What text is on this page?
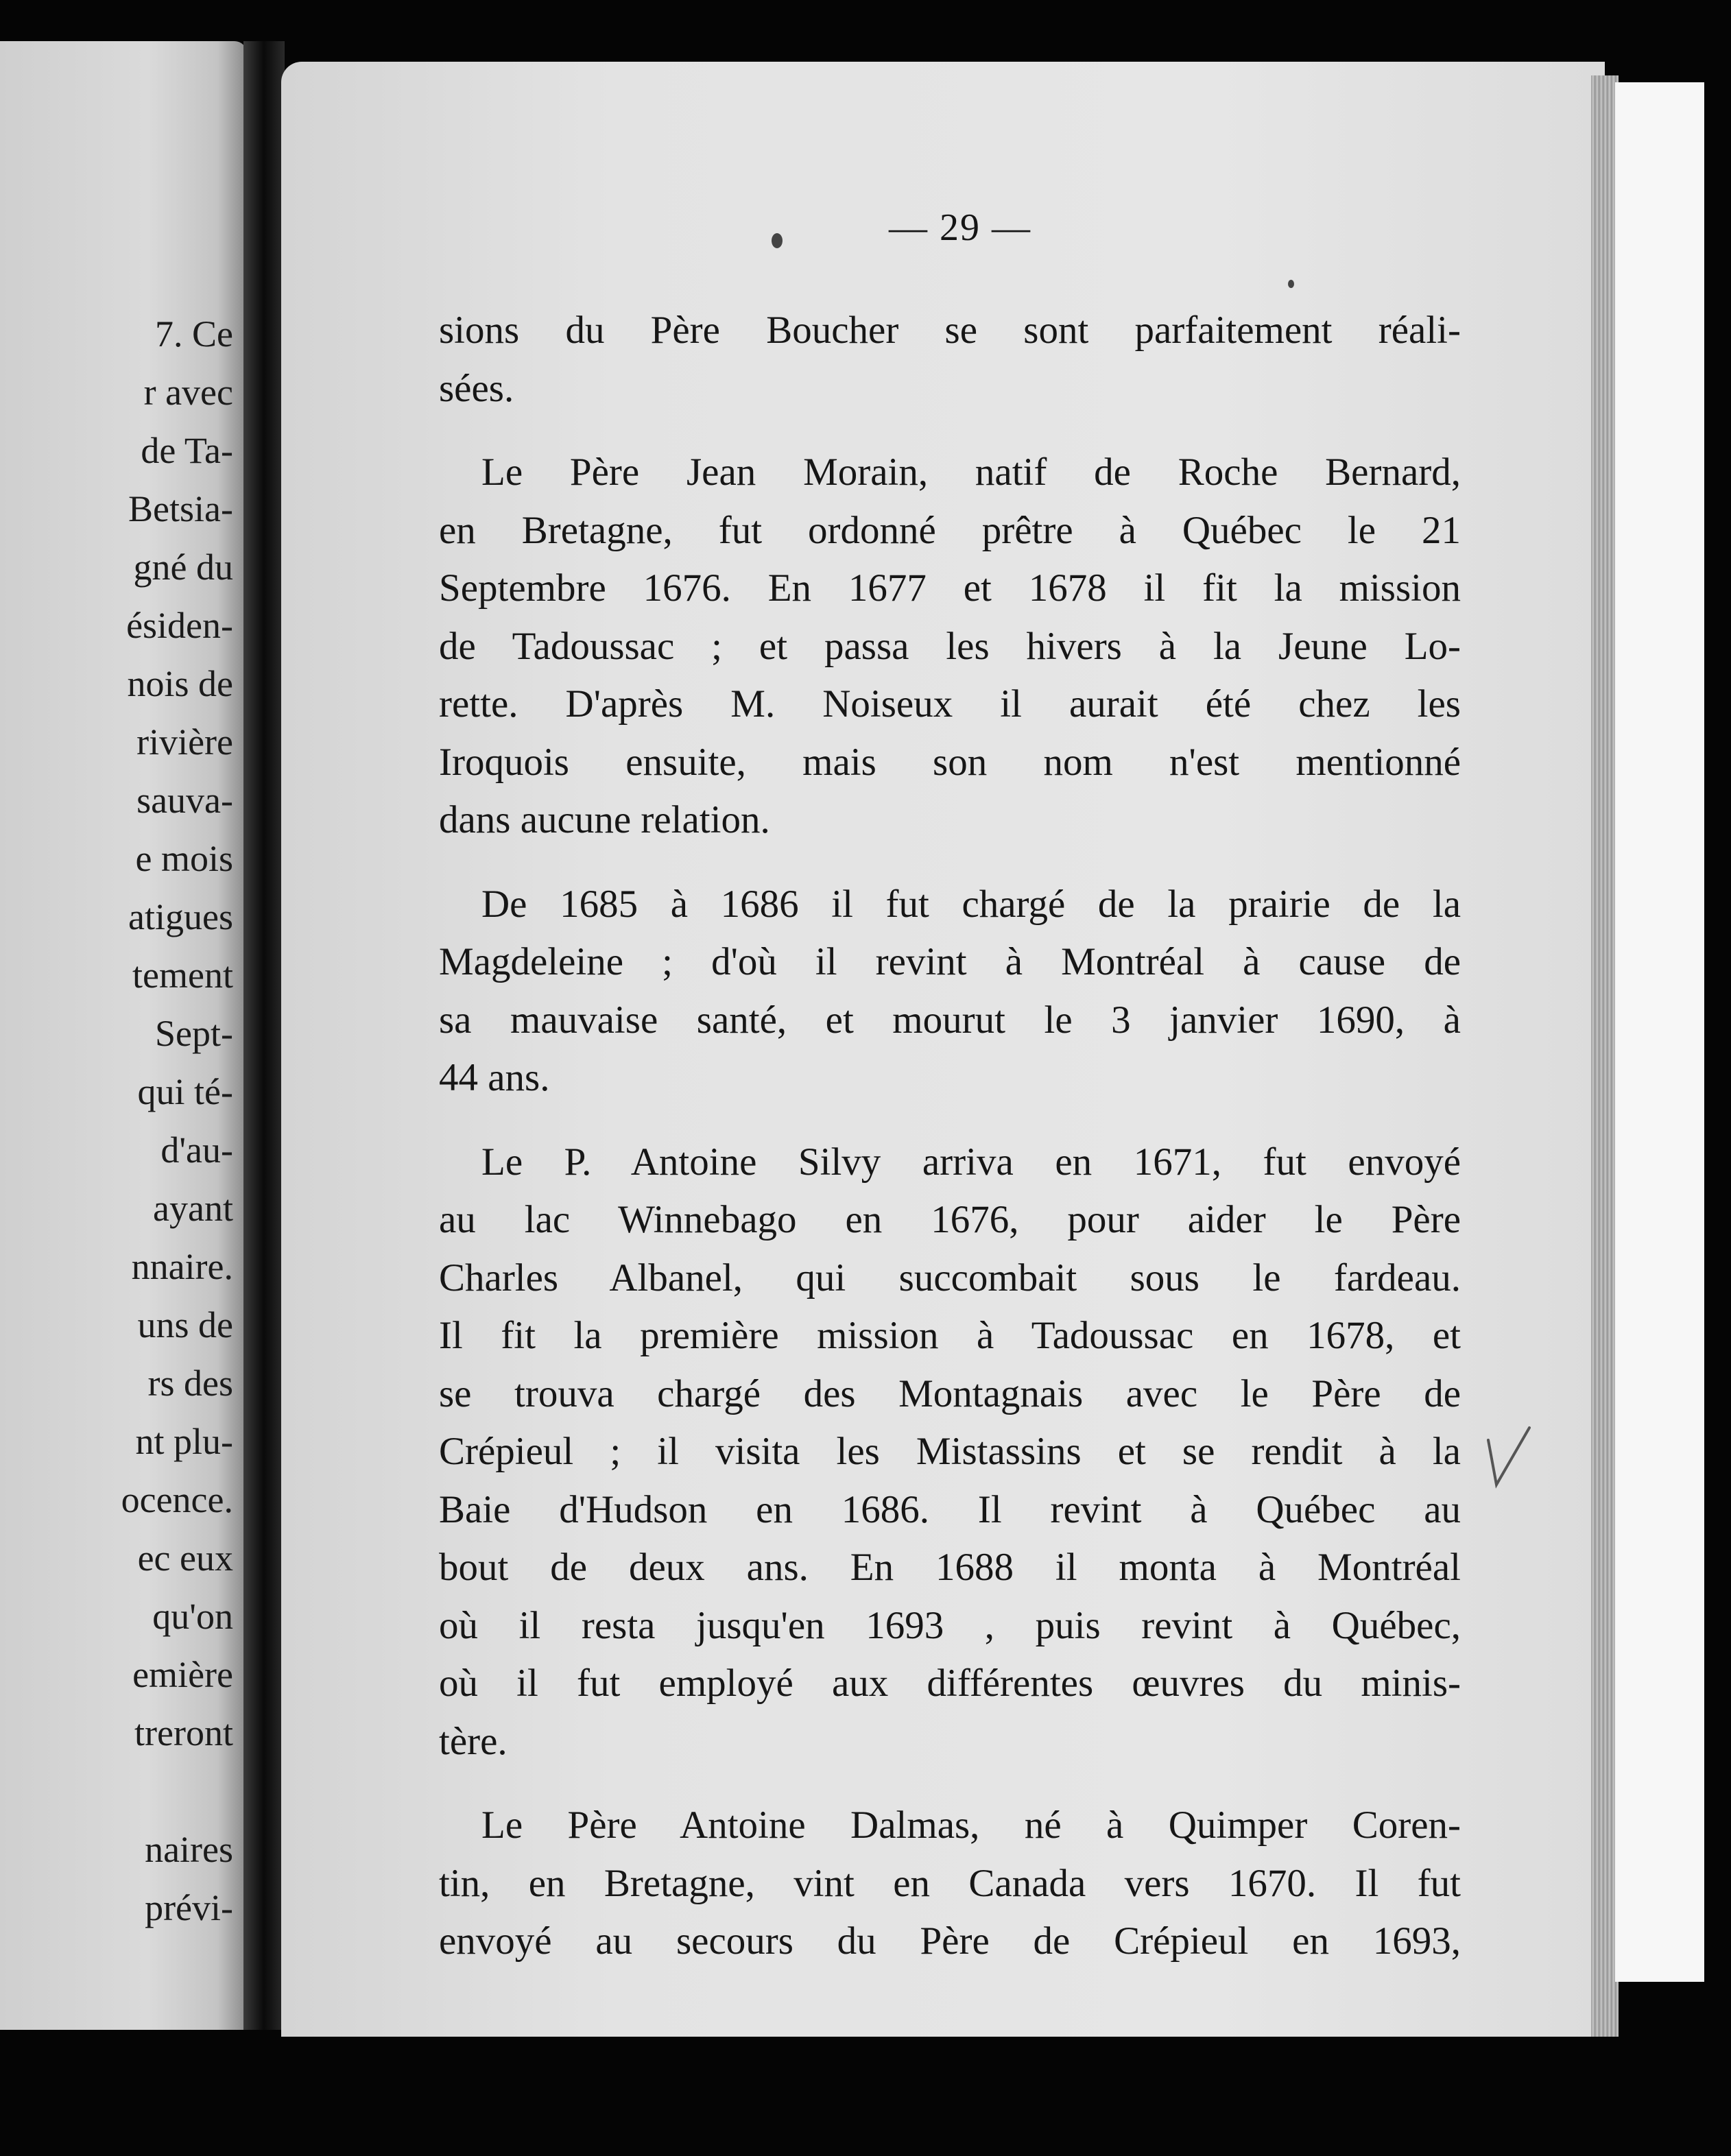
7. Ce
r avec
de Ta-
Betsia-
gné du
ésiden-
nois de
rivière
sauva-
e mois
atigues
tement
Sept-
qui té-
d'au-
ayant
nnaire.
uns de
rs des
nt plu-
ocence.
ec eux
qu'on
emière
treront
naires
prévi-
— 29 —
sions du Père Boucher se sont parfaitement réali-
sées.
Le Père Jean Morain, natif de Roche Bernard,
en Bretagne, fut ordonné prêtre à Québec le 21
Septembre 1676. En 1677 et 1678 il fit la mission
de Tadoussac ; et passa les hivers à la Jeune Lo-
rette. D'après M. Noiseux il aurait été chez les
Iroquois ensuite, mais son nom n'est mentionné
dans aucune relation.
De 1685 à 1686 il fut chargé de la prairie de la
Magdeleine ; d'où il revint à Montréal à cause de
sa mauvaise santé, et mourut le 3 janvier 1690, à
44 ans.
Le P. Antoine Silvy arriva en 1671, fut envoyé
au lac Winnebago en 1676, pour aider le Père
Charles Albanel, qui succombait sous le fardeau.
Il fit la première mission à Tadoussac en 1678, et
se trouva chargé des Montagnais avec le Père de
Crépieul ; il visita les Mistassins et se rendit à la
Baie d'Hudson en 1686. Il revint à Québec au
bout de deux ans. En 1688 il monta à Montréal
où il resta jusqu'en 1693 , puis revint à Québec,
où il fut employé aux différentes œuvres du minis-
tère.
Le Père Antoine Dalmas, né à Quimper Coren-
tin, en Bretagne, vint en Canada vers 1670. Il fut
envoyé au secours du Père de Crépieul en 1693,
